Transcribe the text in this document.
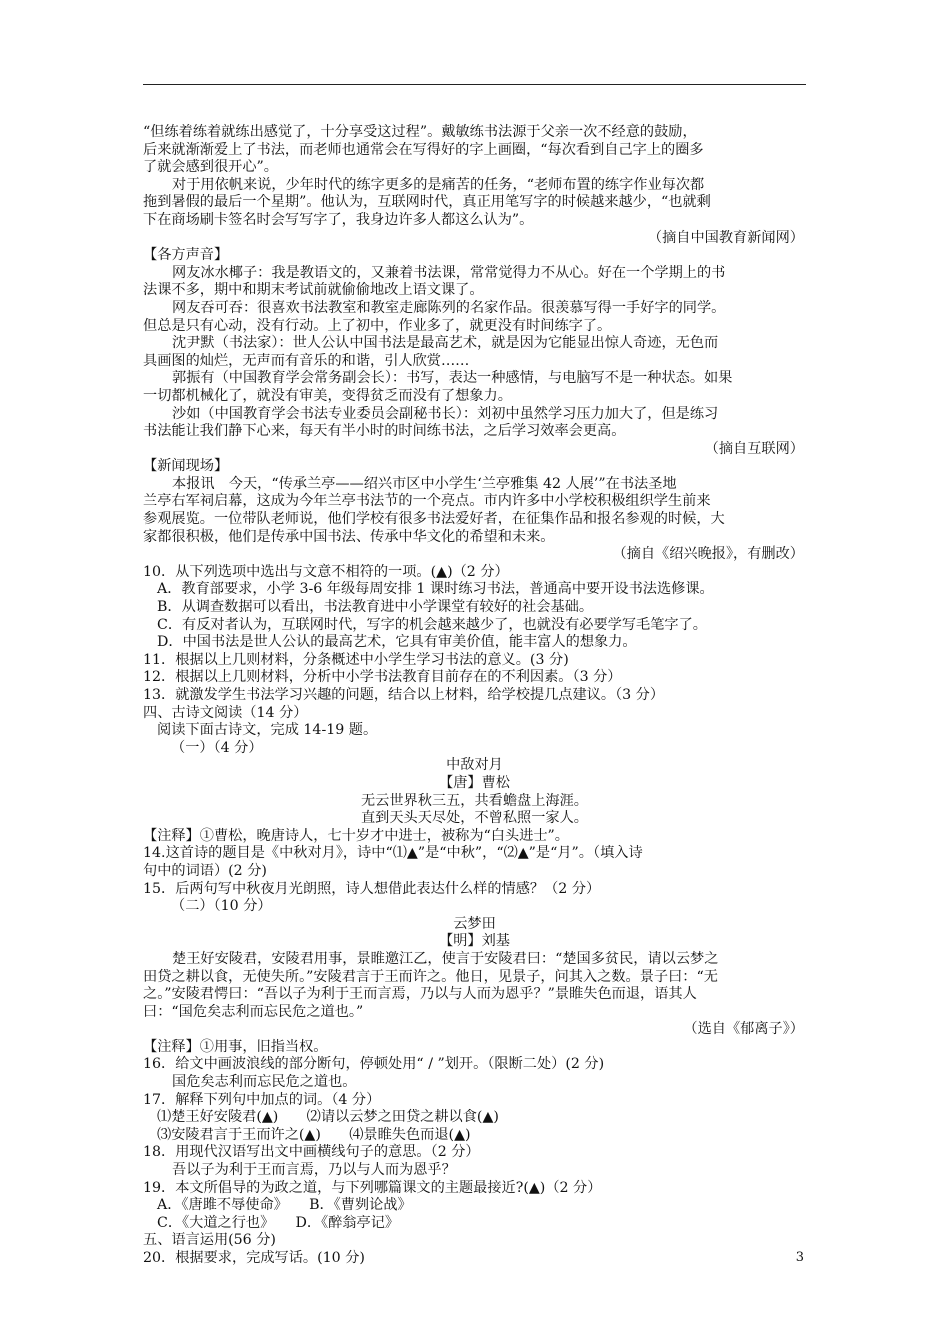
“但练着练着就练出感觉了，十分享受这过程”。戴敏练书法源于父亲一次不经意的鼓励，

后来就渐渐爱上了书法，而老师也通常会在写得好的字上画圈，“每次看到自己字上的圈多

了就会感到很开心”。

对于用依帆来说，少年时代的练字更多的是痛苦的任务，“老师布置的练字作业每次都

拖到暑假的最后一个星期”。他认为，互联网时代，真正用笔写字的时候越来越少，“也就剩

下在商场刷卡签名时会写写字了，我身边许多人都这么认为”。

（摘自中国教育新闻网）

【各方声音】

网友冰水椰子：我是教语文的，又兼着书法课，常常觉得力不从心。好在一个学期上的书

法课不多，期中和期末考试前就偷偷地改上语文课了。

网友吞可吞：很喜欢书法教室和教室走廊陈列的名家作品。很羡慕写得一手好字的同学。

但总是只有心动，没有行动。上了初中，作业多了，就更没有时间练字了。

沈尹默（书法家）：世人公认中国书法是最高艺术，就是因为它能显出惊人奇迹，无色而

具画图的灿烂，无声而有音乐的和谐，引人欣赏……

郭振有（中国教育学会常务副会长）：书写，表达一种感情，与电脑写不是一种状态。如果

一切都机械化了，就没有审美，变得贫乏而没有了想象力。

沙如（中国教育学会书法专业委员会副秘书长）：刘初中虽然学习压力加大了，但是练习

书法能让我们静下心来，每天有半小时的时间练书法，之后学习效率会更高。

（摘自互联网）

【新闻现场】

本报讯　今天，“传承兰亭——绍兴市区中小学生‘兰亭雅集 42 人展’”在书法圣地

兰亭右军祠启幕，这成为今年兰亭书法节的一个亮点。市内许多中小学校积极组织学生前来

参观展览。一位带队老师说，他们学校有很多书法爱好者，在征集作品和报名参观的时候，大

家都很积极，他们是传承中国书法、传承中华文化的希望和未来。

（摘自《绍兴晚报》，有删改）

10．从下列选项中选出与文意不相符的一项。(▲)（2 分）

A．教育部要求，小学 3-6 年级每周安排 1 课时练习书法，普通高中要开设书法选修课。

B．从调查数据可以看出，书法教育进中小学课堂有较好的社会基础。

C．有反对者认为，互联网时代，写字的机会越来越少了，也就没有必要学写毛笔字了。

D．中国书法是世人公认的最高艺术，它具有审美价值，能丰富人的想象力。

11．根据以上几则材料，分条概述中小学生学习书法的意义。(3 分)

12．根据以上几则材料，分析中小学书法教育目前存在的不利因素。（3 分）

13．就激发学生书法学习兴趣的问题，结合以上材料，给学校提几点建议。（3 分）

四、古诗文阅读（14 分）

阅读下面古诗文，完成 14-19 题。

（一）（4 分）

中敌对月

【唐】曹松

无云世界秋三五，共看蟾盘上海涯。

直到天头天尽处，不曾私照一家人。

【注释】①曹松，晚唐诗人，七十岁才中进士，被称为“白头进士”。

14.这首诗的题目是《中秋对月》，诗中“⑴▲”是“中秋”，“⑵▲”是“月”。（填入诗

句中的词语）(2 分)

15．后两句写中秋夜月光朗照，诗人想借此表达什么样的情感？（2 分）

（二）（10 分）

云梦田

【明】刘基

楚王好安陵君，安陵君用事，景睢邀江乙，使言于安陵君曰：“楚国多贫民，请以云梦之

田贷之耕以食，无使失所。”安陵君言于王而许之。他日，见景子，问其入之数。景子曰：“无

之。”安陵君愕曰：“吾以子为利于王而言焉，乃以与人而为恩乎？”景睢失色而退，语其人

曰：“国危矣志利而忘民危之道也。”

（选自《郁离子》）

【注释】①用事，旧指当权。

16．给文中画波浪线的部分断句，停顿处用“ / ”划开。（限断二处）(2 分)

国危矣志利而忘民危之道也。

17．解释下列句中加点的词。（4 分）

⑴楚王好安陵君(▲)　　⑵请以云梦之田贷之耕以食(▲)

⑶安陵君言于王而许之(▲)　　⑷景睢失色而退(▲)

18．用现代汉语写出文中画横线句子的意思。（2 分）

吾以子为利于王而言焉，乃以与人而为恩乎？

19．本文所倡导的为政之道，与下列哪篇课文的主题最接近?(▲)（2 分）

A．《唐雎不辱使命》　　B．《曹刿论战》

C．《大道之行也》　　D．《醉翁亭记》

五、语言运用(56 分)

20．根据要求，完成写话。(10 分)	3
